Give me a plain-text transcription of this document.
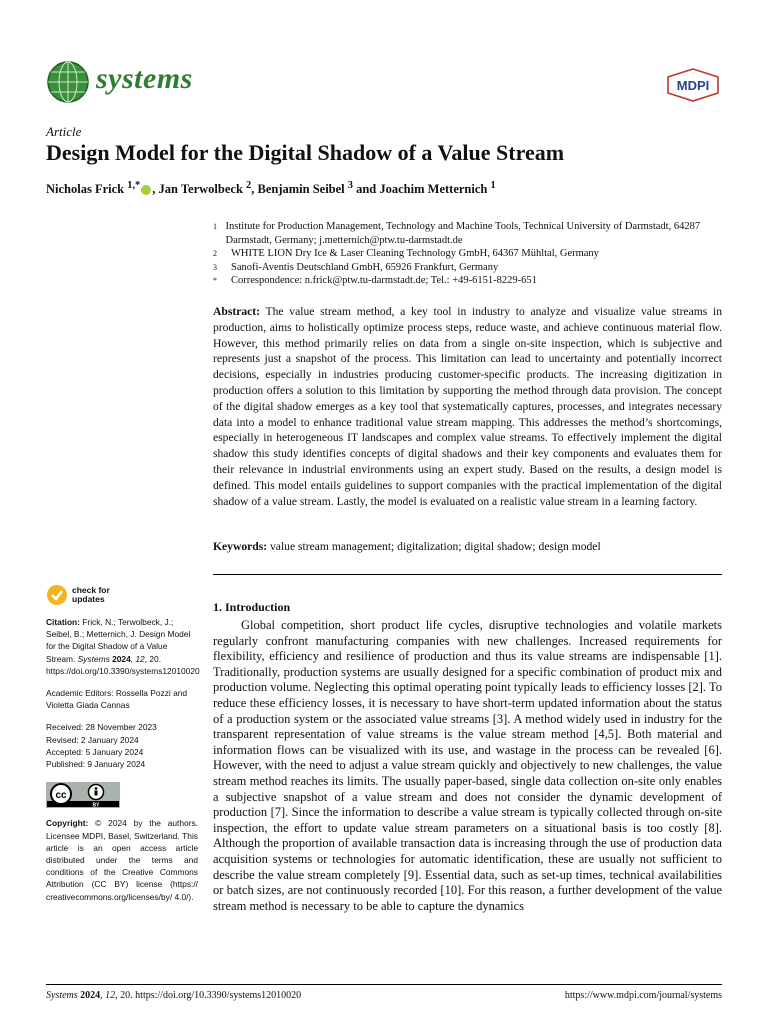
systems	MDPI
Article
Design Model for the Digital Shadow of a Value Stream
Nicholas Frick $^{1,*}$ , Jan Terwolbeck $^2$, Benjamin Seibel $^3$ and Joachim Metternich $^1$
1 Institute for Production Management, Technology and Machine Tools, Technical University of Darmstadt, 64287 Darmstadt, Germany; j.metternich@ptw.tu-darmstadt.de
2	WHITE LION Dry Ice & Laser Cleaning Technology GmbH, 64367 Mühltal, Germany
3	Sanofi-Aventis Deutschland GmbH, 65926 Frankfurt, Germany
*	Correspondence: n.frick@ptw.tu-darmstadt.de; Tel.: +49-6151-8229-651
Abstract: The value stream method, a key tool in industry to analyze and visualize value streams in production, aims to holistically optimize process steps, reduce waste, and achieve continuous material flow. However, this method primarily relies on data from a single on-site inspection, which is subjective and represents just a snapshot of the process. This limitation can lead to uncertainty and potentially incorrect decisions, especially in industries producing customer-specific products. The increasing digitization in production offers a solution to this limitation by supporting the method through data provision. The concept of the digital shadow emerges as a key tool that systematically captures, processes, and integrates necessary data into a model to enhance traditional value stream mapping. This addresses the method’s shortcomings, especially in heterogeneous IT landscapes and complex value streams. To effectively implement the digital shadow this study identifies concepts of digital shadows and their key components and evaluates them for their relevance in industrial environments using an expert study. Based on the results, a design model is defined. This model entails guidelines to support companies with the practical implementation of the digital shadow of a value stream. Lastly, the model is evaluated on a realistic value stream in a learning factory.
Keywords: value stream management; digitalization; digital shadow; design model
check for
updates
Citation: Frick, N.; Terwolbeck, J.; Seibel, B.; Metternich, J. Design Model for the Digital Shadow of a Value Stream. Systems 2024, 12, 20. https://doi.org/10.3390/systems12010020
Academic Editors: Rossella Pozzi and Violetta Giada Cannas
Received: 28 November 2023
Revised: 2 January 2024
Accepted: 5 January 2024
Published: 9 January 2024
cc
BY
Copyright: © 2024 by the authors. Licensee MDPI, Basel, Switzerland. This article is an open access article distributed under the terms and conditions of the Creative Commons Attribution (CC BY) license (https:// creativecommons.org/licenses/by/ 4.0/).
1. Introduction
Global competition, short product life cycles, disruptive technologies and volatile markets regularly confront manufacturing companies with new challenges. Increased requirements for flexibility, efficiency and resilience of production and thus its value streams are indispensable [1]. Traditionally, production systems are usually designed for a specific combination of product mix and production volume. Neglecting this optimal operating point typically leads to efficiency losses [2]. To reduce these efficiency losses, it is necessary to have short-term updated information about the status of a production system or the associated value streams [3]. A method widely used in industry for the transparent representation of value streams is the value stream method [4,5]. Both material and information flows can be visualized with its use, and wastage in the process can be revealed [6]. However, with the need to adjust a value stream quickly and objectively to new challenges, the value stream method reaches its limits. The usually paper-based, single data collection on-site only enables a subjective snapshot of a value stream and does not consider the dynamic development of production [7]. Since the information to describe a value stream is typically collected through on-site inspection, the effort to update value stream parameters on a situational basis is too costly [8]. Although the proportion of available transaction data is increasing through the use of production data acquisition systems or technologies for automatic identification, these are usually not sufficient to describe the value stream completely [9]. Essential data, such as set-up times, technical availabilities or batch sizes, are not continuously recorded [10]. For this reason, a further development of the value stream method is necessary to be able to capture the dynamics
Systems 2024, 12, 20. https://doi.org/10.3390/systems12010020	https://www.mdpi.com/journal/systems
